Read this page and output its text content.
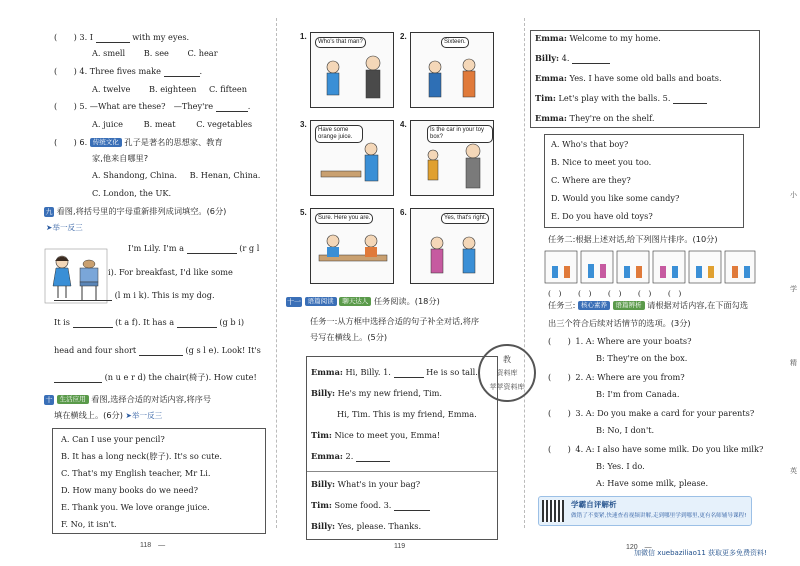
(　　) 3. I	with my eyes.
A. smell B. see C. hear
(　　) 4. Three fives make	.
A. twelve B. eighteen C. fifteen
(　　) 5. —What are these?　—They're	.
A. juice	B. meat	C. vegetables
(　　) 6. 传统文化 孔子是著名的思想家、教育
家,他来自哪里?
A. Shandong, China. B. Henan, China.
C. London, the UK.
九 看图,将括号里的字母重新排列成词填空。(6分)
➤举一反三
I'm Lily. I'm a	(r g l
i). For breakfast, I'd like some
(l m i k). This is my dog.
It is	(t a f). It has a	(g b i)
head and four short	(g s l e). Look! It's
(n u e r d) the chair(椅子). How cute!
十 生活应用 看图,选择合适的对话内容,将序号
填在横线上。(6分) ➤举一反三
A. Can I use your pencil?
B. It has a long neck(脖子). It's so cute.
C. That's my English teacher, Mr Li.
D. How many books do we need?
E. Thank you. We love orange juice.
F. No, it isn't.
118　—
1.
Who's that man?
2.
Sixteen.
3.
Have some orange juice.
4.
Is the car in your toy box?
5.
Sure. Here you are.
6.
Yes, that's right.
十一 语篇阅读 聊天达人 任务阅读。(18分)
任务一:从方框中选择合适的句子补全对话,将序
号写在横线上。(5分)
Emma: Hi, Billy. 1.	He is so tall.
Billy: He's my new friend, Tim.
Hi, Tim. This is my friend, Emma.
Tim: Nice to meet you, Emma!
Emma: 2.
Billy: What's in your bag?
Tim: Some food. 3.
Billy: Yes, please. Thanks.
教
资料库
苹苹资料库
119
Emma: Welcome to my home.
Billy: 4.
Emma: Yes. I have some old balls and boats.
Tim: Let's play with the balls. 5.
Emma: They're on the shelf.
A. Who's that boy?
B. Nice to meet you too.
C. Where are they?
D. Would you like some candy?
E. Do you have old toys?
任务二:根据上述对话,给下列图片排序。(10分)
(　) (　) (　) (　) (　)
任务三: 核心素养 语篇辨析 请根据对话内容,在下面勾选
出三个符合后续对话情节的选项。(3分)
(　　) 1. A: Where are your boats?
B: They're on the box.
(　　) 2. A: Where are you from?
B: I'm from Canada.
(　　) 3. A: Do you make a card for your parents?
B: No, I don't.
(　　) 4. A: I also have some milk. Do you like milk?
B: Yes. I do.
A: Have some milk, please.
学霸自评解析
做错了不要紧,快速查看视频讲解,走到哪里学到哪里,更有名师辅导课程!
120　—
加微信 xuebaziliao11 获取更多免费资料!
小
学
精
英
